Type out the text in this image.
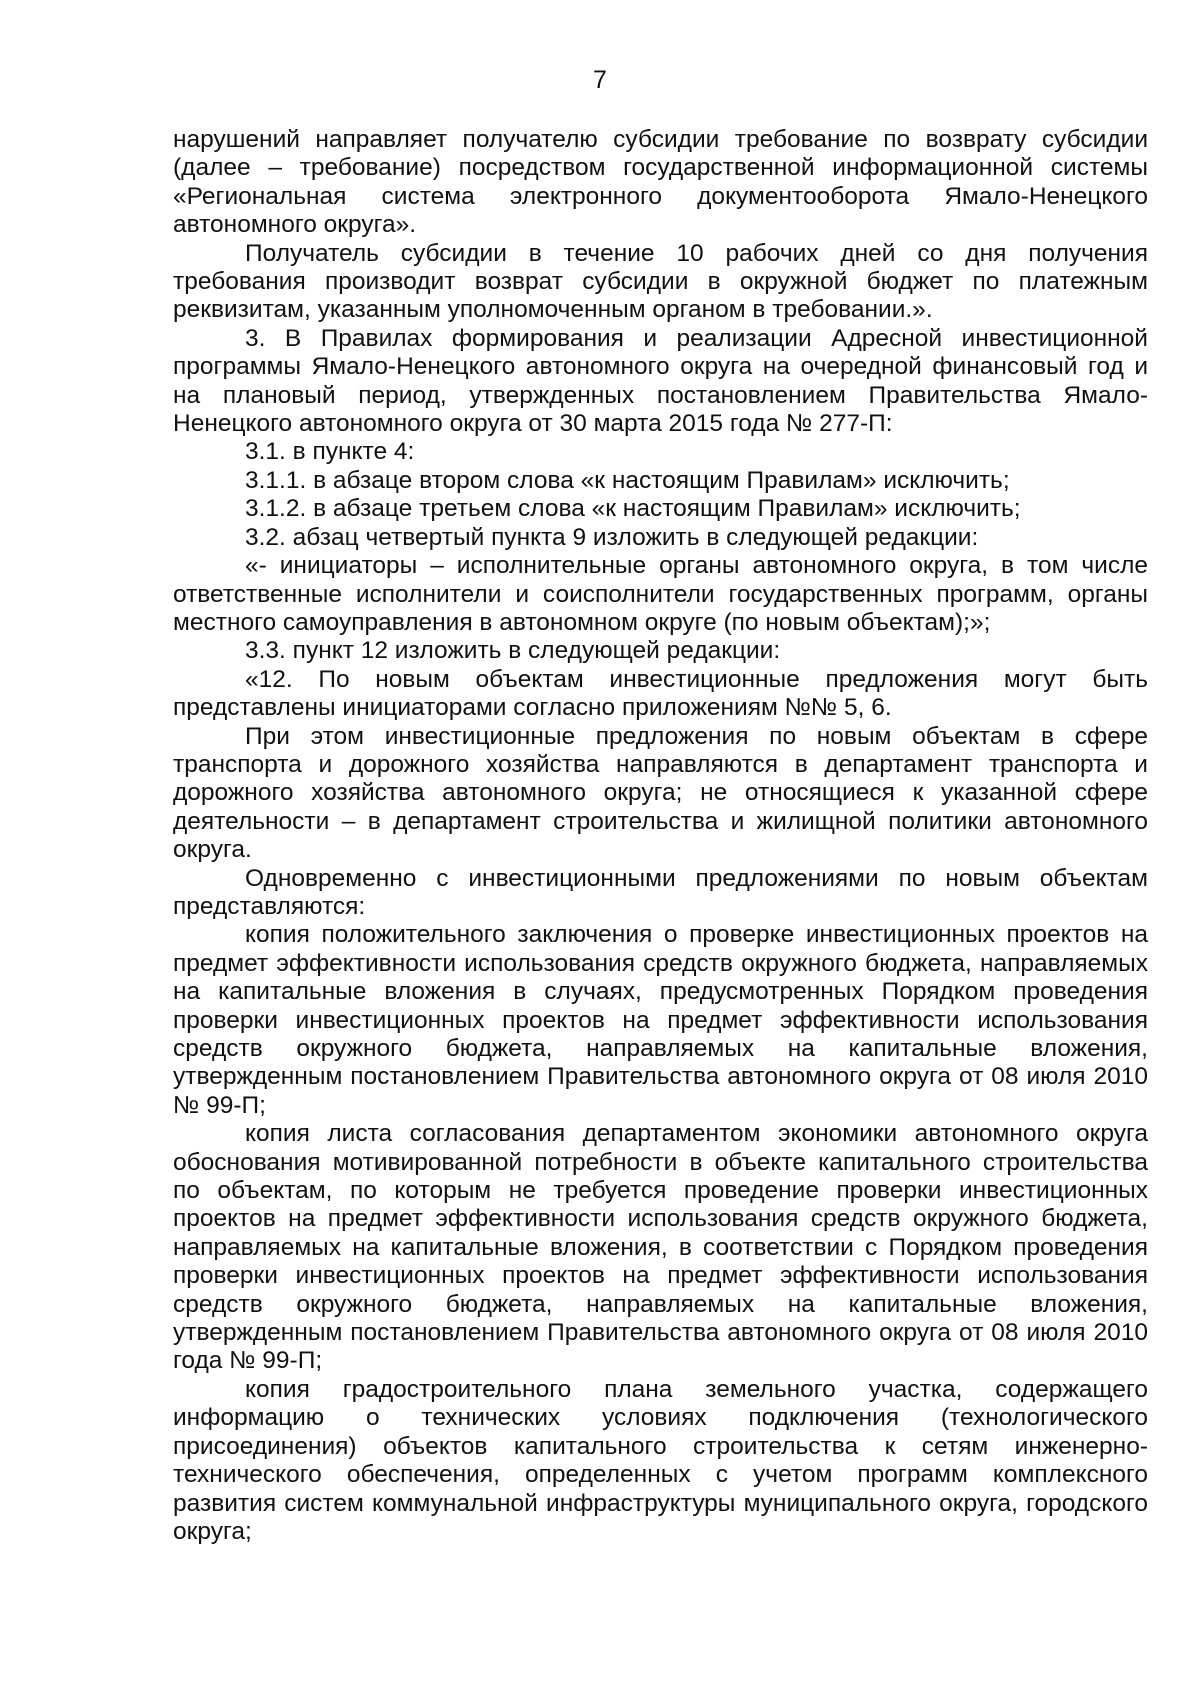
7

нарушений направляет получателю субсидии требование по возврату субсидии (далее – требование) посредством государственной информационной системы «Региональная система электронного документооборота Ямало-Ненецкого автономного округа».

Получатель субсидии в течение 10 рабочих дней со дня получения требования производит возврат субсидии в окружной бюджет по платежным реквизитам, указанным уполномоченным органом в требовании.».

3. В Правилах формирования и реализации Адресной инвестиционной программы Ямало-Ненецкого автономного округа на очередной финансовый год и на плановый период, утвержденных постановлением Правительства Ямало-Ненецкого автономного округа от 30 марта 2015 года № 277-П:

3.1. в пункте 4:

3.1.1. в абзаце втором слова «к настоящим Правилам» исключить;

3.1.2. в абзаце третьем слова «к настоящим Правилам» исключить;

3.2. абзац четвертый пункта 9 изложить в следующей редакции:

«- инициаторы – исполнительные органы автономного округа, в том числе ответственные исполнители и соисполнители государственных программ, органы местного самоуправления в автономном округе (по новым объектам);»;

3.3. пункт 12 изложить в следующей редакции:

«12. По новым объектам инвестиционные предложения могут быть представлены инициаторами согласно приложениям №№ 5, 6.

При этом инвестиционные предложения по новым объектам в сфере транспорта и дорожного хозяйства направляются в департамент транспорта и дорожного хозяйства автономного округа; не относящиеся к указанной сфере деятельности – в департамент строительства и жилищной политики автономного округа.

Одновременно с инвестиционными предложениями по новым объектам представляются:

копия положительного заключения о проверке инвестиционных проектов на предмет эффективности использования средств окружного бюджета, направляемых на капитальные вложения в случаях, предусмотренных Порядком проведения проверки инвестиционных проектов на предмет эффективности использования средств окружного бюджета, направляемых на капитальные вложения, утвержденным постановлением Правительства автономного округа от 08 июля 2010 № 99-П;

копия листа согласования департаментом экономики автономного округа обоснования мотивированной потребности в объекте капитального строительства по объектам, по которым не требуется проведение проверки инвестиционных проектов на предмет эффективности использования средств окружного бюджета, направляемых на капитальные вложения, в соответствии с Порядком проведения проверки инвестиционных проектов на предмет эффективности использования средств окружного бюджета, направляемых на капитальные вложения, утвержденным постановлением Правительства автономного округа от 08 июля 2010 года № 99-П;

копия градостроительного плана земельного участка, содержащего информацию о технических условиях подключения (технологического присоединения) объектов капитального строительства к сетям инженерно-технического обеспечения, определенных с учетом программ комплексного развития систем коммунальной инфраструктуры муниципального округа, городского округа;
